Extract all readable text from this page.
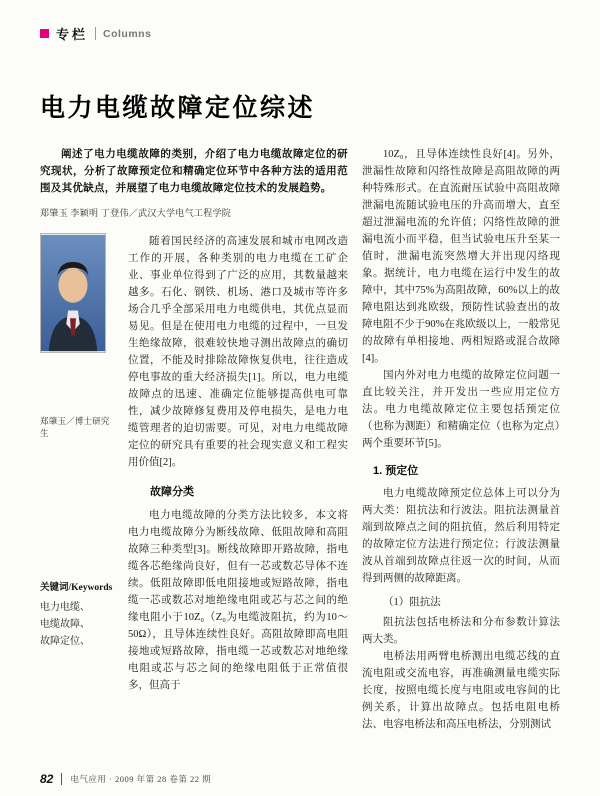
专栏 Columns
电力电缆故障定位综述

阐述了电力电缆故障的类别，介绍了电力电缆故障定位的研究现状，分析了故障预定位和精确定位环节中各种方法的适用范围及其优缺点，并展望了电力电缆故障定位技术的发展趋势。

郑肇玉 李颖明 丁登伟／武汉大学电气工程学院

郑肇玉／博士研究生
关键词/Keywords
电力电缆、
电缆故障、
故障定位、

随着国民经济的高速发展和城市电网改造工作的开展，各种类别的电力电缆在工矿企业、事业单位得到了广泛的应用，其数量越来越多。石化、钢铁、机场、港口及城市等许多场合几乎全部采用电力电缆供电，其优点显而易见。但是在使用电力电缆的过程中，一旦发生绝缘故障，很难较快地寻测出故障点的确切位置，不能及时排除故障恢复供电，往往造成停电事故的重大经济损失[1]。所以，电力电缆故障点的迅速、准确定位能够提高供电可靠性，减少故障修复费用及停电损失，是电力电缆管理者的迫切需要。可见，对电力电缆故障定位的研究具有重要的社会现实意义和工程实用价值[2]。

故障分类

电力电缆故障的分类方法比较多，本文将电力电缆故障分为断线故障、低阻故障和高阻故障三种类型[3]。断线故障即开路故障，指电缆各芯绝缘尚良好，但有一芯或数芯导体不连续。低阻故障即低电阻接地或短路故障，指电缆一芯或数芯对地绝缘电阻或芯与芯之间的绝缘电阻小于10Z₀（Z₀为电缆波阻抗，约为10～50Ω），且导体连续性良好。高阻故障即高电阻接地或短路故障，指电缆一芯或数芯对地绝缘电阻或芯与芯之间的绝缘电阻低于正常值很多，但高于

10Z₀，且导体连续性良好[4]。另外，泄漏性故障和闪络性故障是高阻故障的两种特殊形式。在直流耐压试验中高阻故障泄漏电流随试验电压的升高而增大，直至超过泄漏电流的允许值；闪络性故障的泄漏电流小而平稳，但当试验电压升至某一值时，泄漏电流突然增大并出现闪络现象。据统计，电力电缆在运行中发生的故障中，其中75%为高阻故障，60%以上的故障电阻达到兆欧级，预防性试验查出的故障电阻不少于90%在兆欧级以上，一般常见的故障有单相接地、两相短路或混合故障[4]。

国内外对电力电缆的故障定位问题一直比较关注，并开发出一些应用定位方法。电力电缆故障定位主要包括预定位（也称为测距）和精确定位（也称为定点）两个重要环节[5]。

1. 预定位

电力电缆故障预定位总体上可以分为两大类：阻抗法和行波法。阻抗法测量首端到故障点之间的阻抗值，然后利用特定的故障定位方法进行预定位；行波法测量波从首端到故障点往返一次的时间，从而得到两侧的故障距离。

（1）阻抗法

阻抗法包括电桥法和分布参数计算法两大类。

电桥法用两臂电桥测出电缆芯线的直流电阻或交流电容，再准确测量电缆实际长度，按照电缆长度与电阻或电容间的比例关系，计算出故障点。包括电阻电桥法、电容电桥法和高压电桥法，分别测试

82 电气应用 · 2009 年第 28 卷第 22 期
